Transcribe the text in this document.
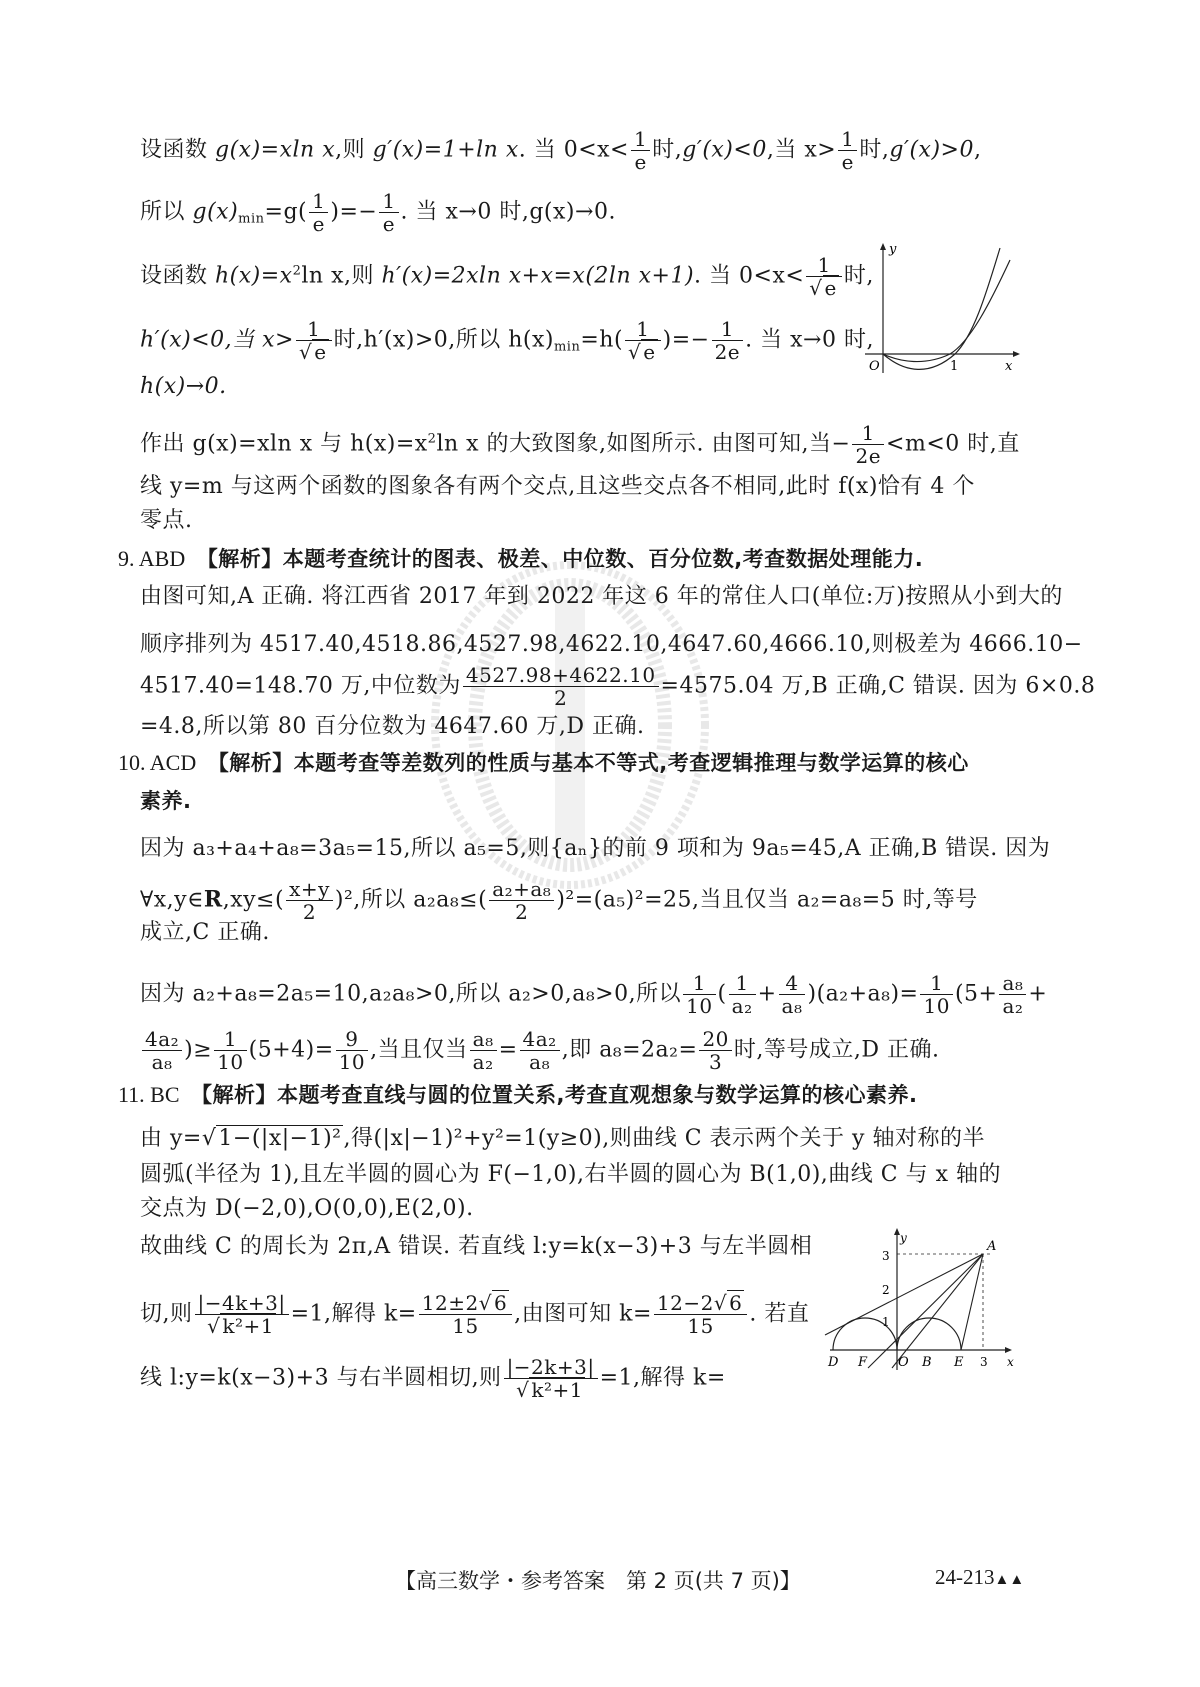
设函数 g(x)=xln x,则 g′(x)=1+ln x. 当 $0<x< \frac{1}{e}$ 时,g′(x)<0,当 $x> \frac{1}{e}$ 时,g′(x)>0,
所以 $g(x)_{min}=g( \frac{1}{e}$ )=− $\frac{1}{e}$ . 当 x→0 时,g(x)→0.
设函数 $h(x)=x^2\ln$ x,则 h′(x)=2xln x+x=x(2ln x+1). 当 $0<x< \frac{1}{√ e}$ 时,
h′(x)<0,当 $x> \frac{1}{√ e}$ 时,h′(x)>0,所以 $h(x)_{min}=h( \frac{1}{√ e}$ )=− $\frac{1}{2e}$ . 当 x→0 时,
h(x)→0.
作出 g(x)=xln x 与 $h(x)=x^2\ln$ x 的大致图象,如图所示. 由图可知,当− $\frac{1}{2e} <m<0$ 时,直
线 y=m 与这两个函数的图象各有两个交点,且这些交点各不相同,此时 f(x)恰有 4 个
零点.
y
x
O	1
9. ABD　 【解析】本题考查统计的图表、极差、中位数、百分位数,考查数据处理能力.
由图可知,A 正确. 将江西省 2017 年到 2022 年这 6 年的常住人口(单位:万)按照从小到大的
顺序排列为 4517.40,4518.86,4527.98,4622.10,4647.60,4666.10,则极差为 4666.10−
4517.40=148.70 万,中位数为 $\frac{4527.98+4622.10}{2} =4575.04$ 万,B 正确,C 错误. 因为 6×0.8
=4.8,所以第 80 百分位数为 4647.60 万,D 正确.
10. ACD　 【解析】本题考查等差数列的性质与基本不等式,考查逻辑推理与数学运算的核心
素养.
因为 a₃+a₄+a₈=3a₅=15,所以 a₅=5,则{aₙ}的前 9 项和为 9a₅=45,A 正确,B 错误. 因为
∀x,y∈R,xy≤( $\frac{x+y}{2} )^2$,所以 $a_2a_8\le( \frac{\text{a₂+a₈}}{2} )^2=(a_5)^2=25$,当且仅当 a₂=a₈=5 时,等号
成立,C 正确.
因为 a₂+a₈=2a₅=10,a₂a₈>0,所以 a₂>0,a₈>0,所以 $\frac{1}{10}$ ( $\frac{1}{\text{a₂}} + \frac{4}{\text{a₈}} )(a_2+a_8)= \frac{1}{10} (5+ \frac{\text{a₈}}{\text{a₂}}$ +
$\frac{\text{4a₂}}{\text{a₈}}$ )≥ $\frac{1}{10} (5+4)= \frac{9}{10}$ ,当且仅当 $\frac{\text{a₈}}{\text{a₂}} = \frac{\text{4a₂}}{\text{a₈}}$ ,即 $a_8=2a_2= \frac{20}{3}$ 时,等号成立,D 正确.
11. BC　 【解析】本题考查直线与圆的位置关系,考查直观想象与数学运算的核心素养.
由 y=√1−(|x|−1)²,得(|x|−1)²+y²=1(y≥0),则曲线 C 表示两个关于 y 轴对称的半
圆弧(半径为 1),且左半圆的圆心为 F(−1,0),右半圆的圆心为 B(1,0),曲线 C 与 x 轴的
交点为 D(−2,0),O(0,0),E(2,0).
故曲线 C 的周长为 2π,A 错误. 若直线 l:y=k(x−3)+3 与左半圆相
切,则 $\frac{|-4k+3|}{\text{√ k²+1}} =1$,解得 $k= \frac{12\pm 2√ 6}{15}$ ,由图可知 $k= \frac{12-2√ 6}{15}$ . 若直
线 l:y=k(x−3)+3 与右半圆相切,则 $\frac{|-2k+3|}{\text{√ k²+1}} =1$,解得 k=
y
x
A
D F O B E 3
3
2
1
【高三数学・参考答案　第 2 页(共 7 页)】	24-213▲▲
